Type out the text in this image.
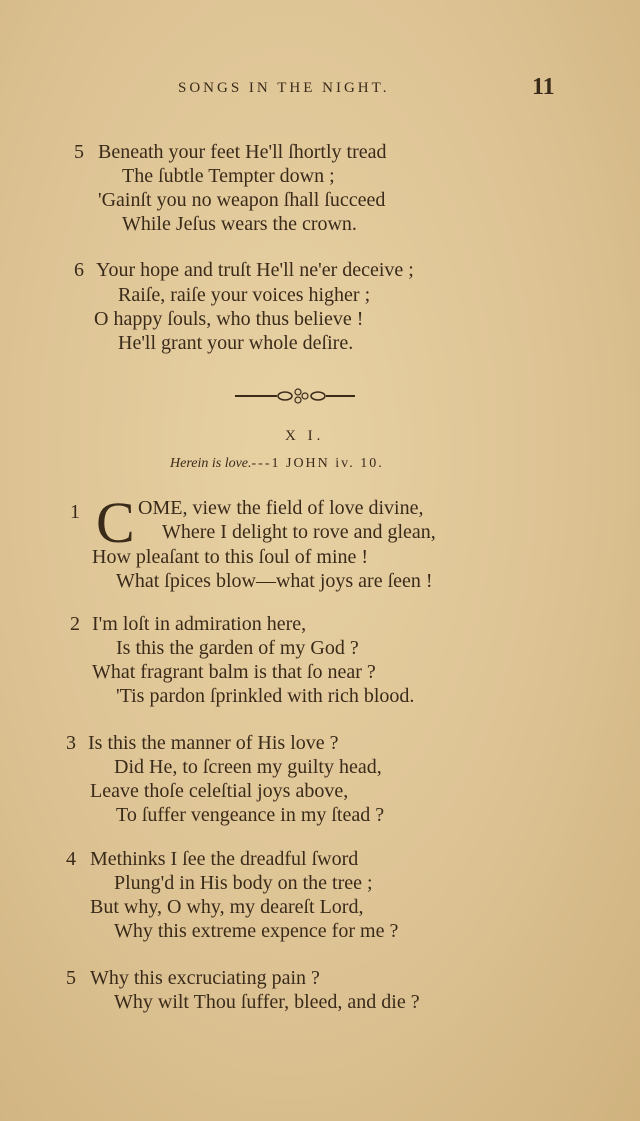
SONGS IN THE NIGHT.	11
5 Beneath your feet He'll ſhortly tread
The ſubtle Tempter down ;
'Gainſt you no weapon ſhall ſucceed
While Jeſus wears the crown.
6 Your hope and truſt He'll ne'er deceive ;
Raiſe, raiſe your voices higher ;
O happy ſouls, who thus believe !
He'll grant your whole deſire.
X I.
Herein is love.---1 JOHN iv. 10.
1 C OME, view the field of love divine,
Where I delight to rove and glean,
How pleaſant to this ſoul of mine !
What ſpices blow—what joys are ſeen !
2 I'm loſt in admiration here,
Is this the garden of my God ?
What fragrant balm is that ſo near ?
'Tis pardon ſprinkled with rich blood.
3 Is this the manner of His love ?
Did He, to ſcreen my guilty head,
Leave thoſe celeſtial joys above,
To ſuffer vengeance in my ſtead ?
4 Methinks I ſee the dreadful ſword
Plung'd in His body on the tree ;
But why, O why, my deareſt Lord,
Why this extreme expence for me ?
5 Why this excruciating pain ?
Why wilt Thou ſuffer, bleed, and die ?
